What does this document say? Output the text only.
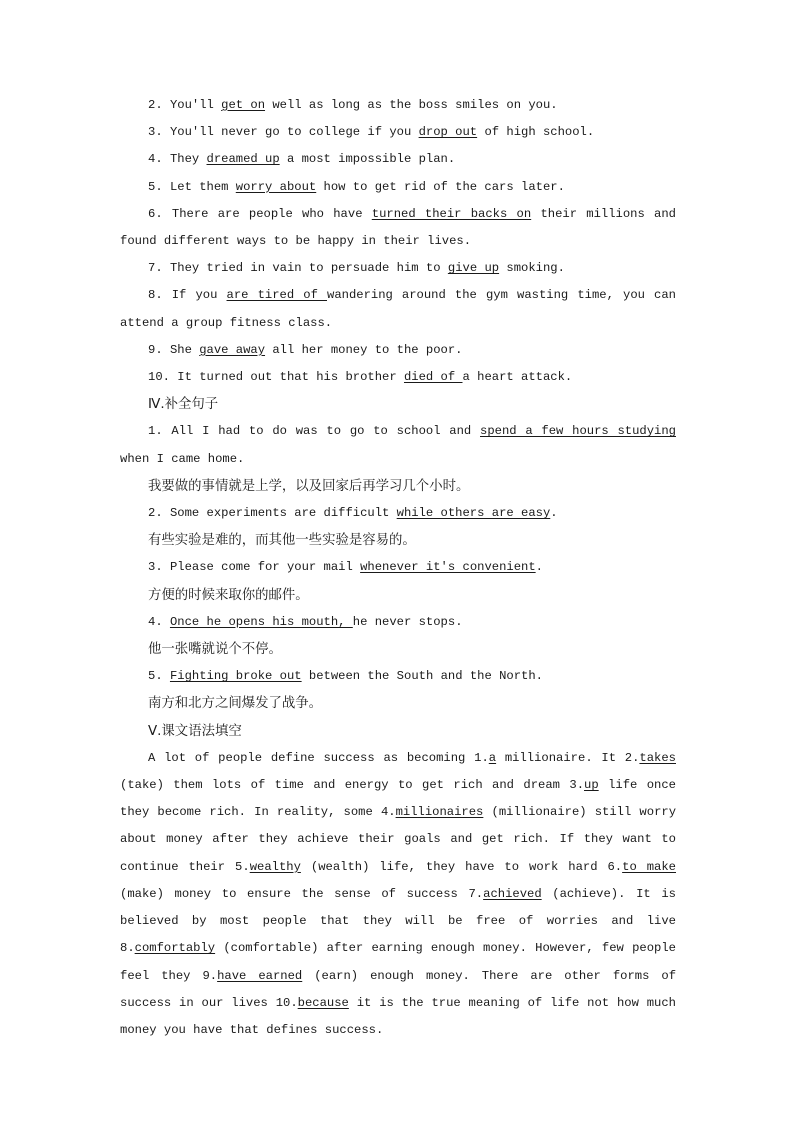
2. You'll get on well as long as the boss smiles on you.
3. You'll never go to college if you drop out of high school.
4. They dreamed up a most impossible plan.
5. Let them worry about how to get rid of the cars later.
6. There are people who have turned their backs on their millions and found different ways to be happy in their lives.
7. They tried in vain to persuade him to give up smoking.
8. If you are tired of wandering around the gym wasting time, you can attend a group fitness class.
9. She gave away all her money to the poor.
10. It turned out that his brother died of a heart attack.
Ⅳ.补全句子
1. All I had to do was to go to school and spend a few hours studying when I came home.
我要做的事情就是上学，以及回家后再学习几个小时。
2. Some experiments are difficult while others are easy.
有些实验是难的，而其他一些实验是容易的。
3. Please come for your mail whenever it's convenient.
方便的时候来取你的邮件。
4. Once he opens his mouth, he never stops.
他一张嘴就说个不停。
5. Fighting broke out between the South and the North.
南方和北方之间爆发了战争。
Ⅴ.课文语法填空
A lot of people define success as becoming 1.a millionaire. It 2.takes (take) them lots of time and energy to get rich and dream 3.up life once they become rich. In reality, some 4.millionaires (millionaire) still worry about money after they achieve their goals and get rich. If they want to continue their 5.wealthy (wealth) life, they have to work hard 6.to make (make) money to ensure the sense of success 7.achieved (achieve). It is believed by most people that they will be free of worries and live 8.comfortably (comfortable) after earning enough money. However, few people feel they 9.have earned (earn) enough money. There are other forms of success in our lives 10.because it is the true meaning of life not how much money you have that defines success.
